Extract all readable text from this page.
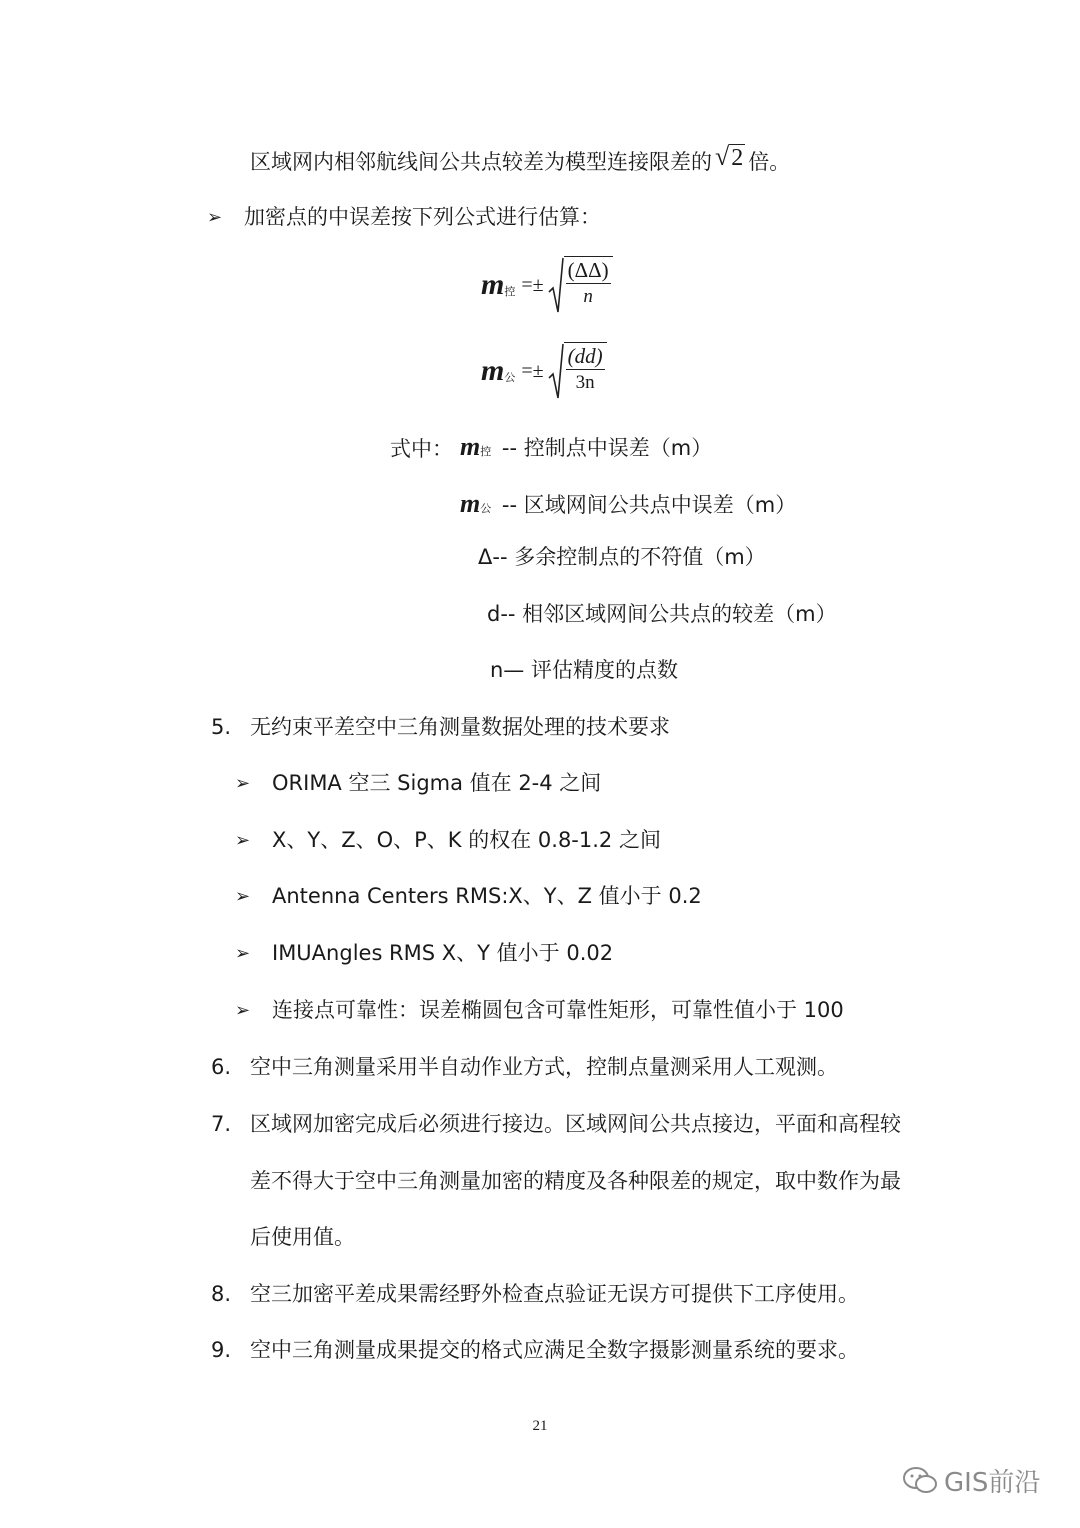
区域网内相邻航线间公共点较差为模型连接限差的 √2 倍。
➢ 加密点的中误差按下列公式进行估算：
m 控 =± $\frac{(\Delta\Delta)}{n}$
m 公 =± $\frac{(dd)}{3n}$
式中： m控 -- 控制点中误差（m）
m公 -- 区域网间公共点中误差（m）
Δ-- 多余控制点的不符值（m）
d-- 相邻区域网间公共点的较差（m）
n— 评估精度的点数
5. 无约束平差空中三角测量数据处理的技术要求
➢ ORIMA 空三 Sigma 值在 2-4 之间
➢ X、Y、Z、O、P、K 的权在 0.8-1.2 之间
➢ Antenna Centers RMS:X、Y、Z 值小于 0.2
➢ IMUAngles RMS X、Y 值小于 0.02
➢ 连接点可靠性：误差椭圆包含可靠性矩形，可靠性值小于 100
6. 空中三角测量采用半自动作业方式，控制点量测采用人工观测。
7. 区域网加密完成后必须进行接边。区域网间公共点接边，平面和高程较
差不得大于空中三角测量加密的精度及各种限差的规定，取中数作为最
后使用值。
8. 空三加密平差成果需经野外检查点验证无误方可提供下工序使用。
9. 空中三角测量成果提交的格式应满足全数字摄影测量系统的要求。
21
GIS前沿
